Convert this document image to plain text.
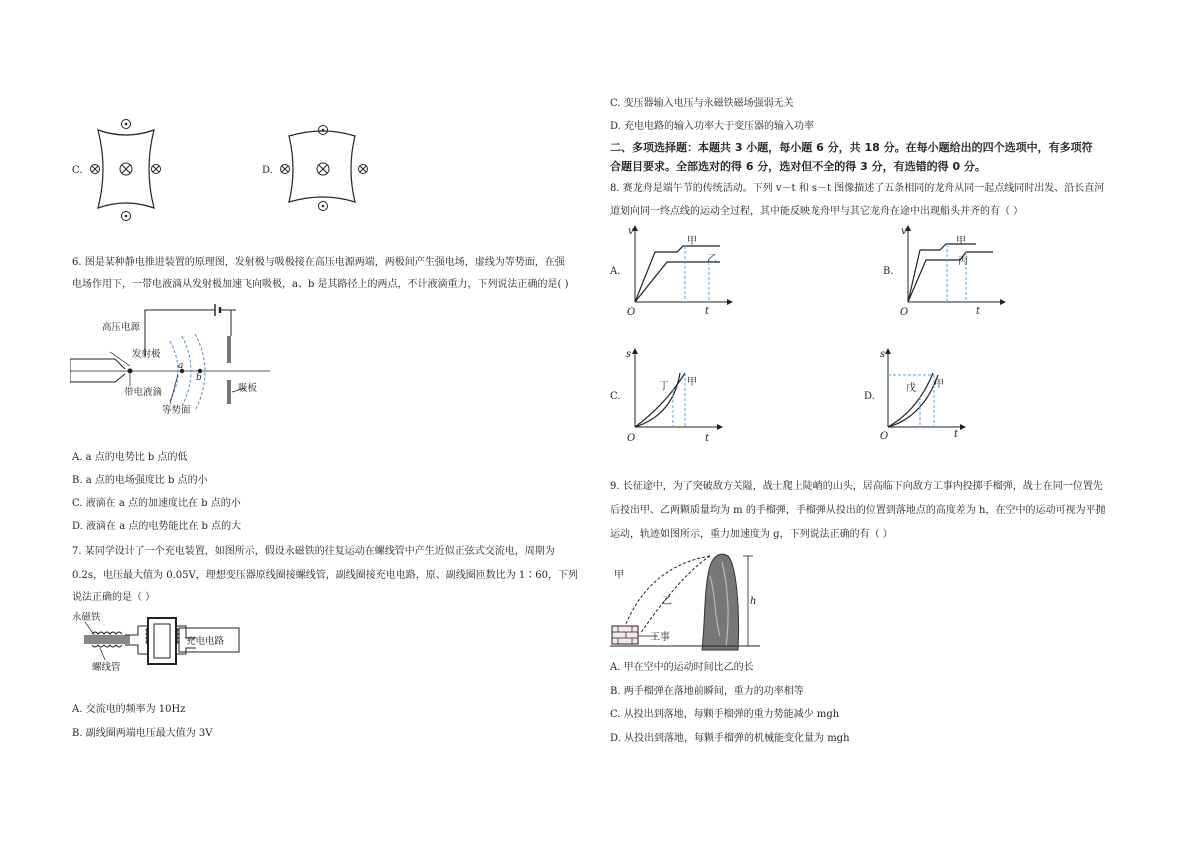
C.	D.
6. 图是某种静电推进装置的原理图，发射极与吸极接在高压电源两端，两极间产生强电场，虚线为等势面，在强
电场作用下，一带电液滴从发射极加速飞向吸极，a、b 是其路径上的两点，不计液滴重力，下列说法正确的是( )
高压电源
发射极
带电液滴
等势面
吸板
a
b
A. a 点的电势比 b 点的低
B. a 点的电场强度比 b 点的小
C. 液滴在 a 点的加速度比在 b 点的小
D. 液滴在 a 点的电势能比在 b 点的大
7. 某同学设计了一个充电装置，如图所示，假设永磁铁的往复运动在螺线管中产生近似正弦式交流电，周期为
0.2s，电压最大值为 0.05V，理想变压器原线圈接螺线管，副线圈接充电电路，原、副线圈匝数比为 1∶60，下列
说法正确的是（ ）
永磁铁
充电电路
螺线管
A. 交流电的频率为 10Hz
B. 副线圈两端电压最大值为 3V
C. 变压器输入电压与永磁铁磁场强弱无关
D. 充电电路的输入功率大于变压器的输入功率
二、多项选择题：本题共 3 小题，每小题 6 分，共 18 分。在每小题给出的四个选项中，有多项符
合题目要求。全部选对的得 6 分，选对但不全的得 3 分，有选错的得 0 分。
8. 赛龙舟是端午节的传统活动。下列 v－t 和 s－t 图像描述了五条相同的龙舟从同一起点线同时出发、沿长直河
道划向同一终点线的运动全过程，其中能反映龙舟甲与其它龙舟在途中出现船头并齐的有（ ）
A.
v
t
O
甲
乙
B.
v
t
O
甲
丙
C.
s
t
O
丁 甲
D.
s
t
O
戊 甲
9. 长征途中，为了突破敌方关隘，战士爬上陡峭的山头，居高临下向敌方工事内投掷手榴弹，战士在同一位置先
后投出甲、乙两颗质量均为 m 的手榴弹，手榴弹从投出的位置到落地点的高度差为 h，在空中的运动可视为平抛
运动，轨迹如图所示，重力加速度为 g，下列说法正确的有（ ）
甲
乙	h
工事
A. 甲在空中的运动时间比乙的长
B. 两手榴弹在落地前瞬间，重力的功率相等
C. 从投出到落地，每颗手榴弹的重力势能减少 mgh
D. 从投出到落地，每颗手榴弹的机械能变化量为 mgh
